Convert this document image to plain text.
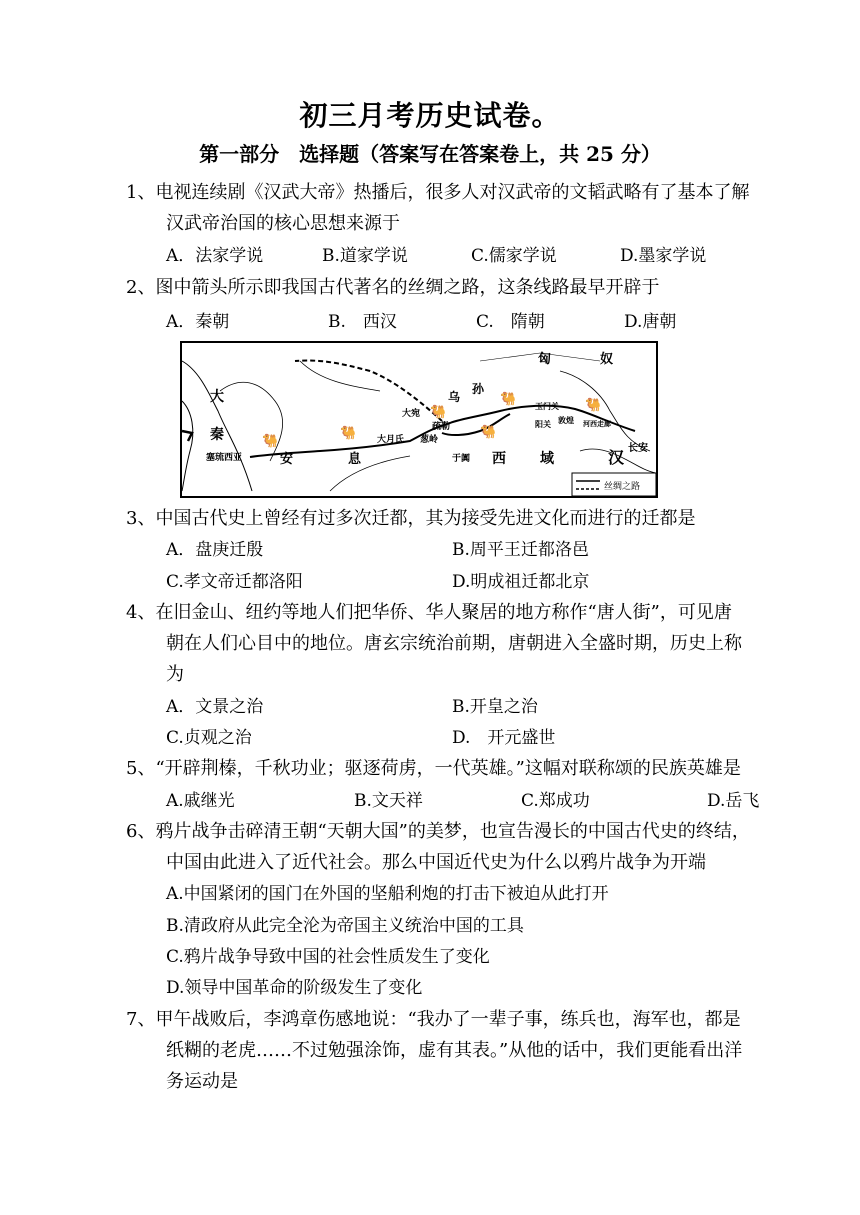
初三月考历史试卷。
第一部分　选择题（答案写在答案卷上，共 25 分）
1、电视连续剧《汉武大帝》热播后，很多人对汉武帝的文韬武略有了基本了解
汉武帝治国的核心思想来源于
A．法家学说	B.道家学说	C.儒家学说	D.墨家学说
2、图中箭头所示即我国古代著名的丝绸之路，这条线路最早开辟于
A．秦朝	B.　西汉	C.　隋朝	D.唐朝
🐫
🐫	🐫
🐫
🐫	🐫
匈	奴
乌
孙
大
秦
大宛
疏勒
大月氏 葱岭
玉门关
敦煌
阳关	河西走廊
长安
安	息	于阗 西 域	汉
塞琉西亚
丝绸之路
3、中国古代史上曾经有过多次迁都，其为接受先进文化而进行的迁都是
A．盘庚迁殷	B.周平王迁都洛邑
C.孝文帝迁都洛阳	D.明成祖迁都北京
4、在旧金山、纽约等地人们把华侨、华人聚居的地方称作“唐人街”，可见唐
朝在人们心目中的地位。唐玄宗统治前期，唐朝进入全盛时期，历史上称
为
A．文景之治	B.开皇之治
C.贞观之治	D.　开元盛世
5、“开辟荆榛，千秋功业；驱逐荷虏，一代英雄。”这幅对联称颂的民族英雄是
A.戚继光	B.文天祥	C.郑成功	D.岳飞
6、鸦片战争击碎清王朝“天朝大国”的美梦，也宣告漫长的中国古代史的终结，
中国由此进入了近代社会。那么中国近代史为什么以鸦片战争为开端
A.中国紧闭的国门在外国的坚船利炮的打击下被迫从此打开
B.清政府从此完全沦为帝国主义统治中国的工具
C.鸦片战争导致中国的社会性质发生了变化
D.领导中国革命的阶级发生了变化
7、甲午战败后，李鸿章伤感地说：“我办了一辈子事，练兵也，海军也，都是
纸糊的老虎……不过勉强涂饰，虚有其表。”从他的话中，我们更能看出洋
务运动是
